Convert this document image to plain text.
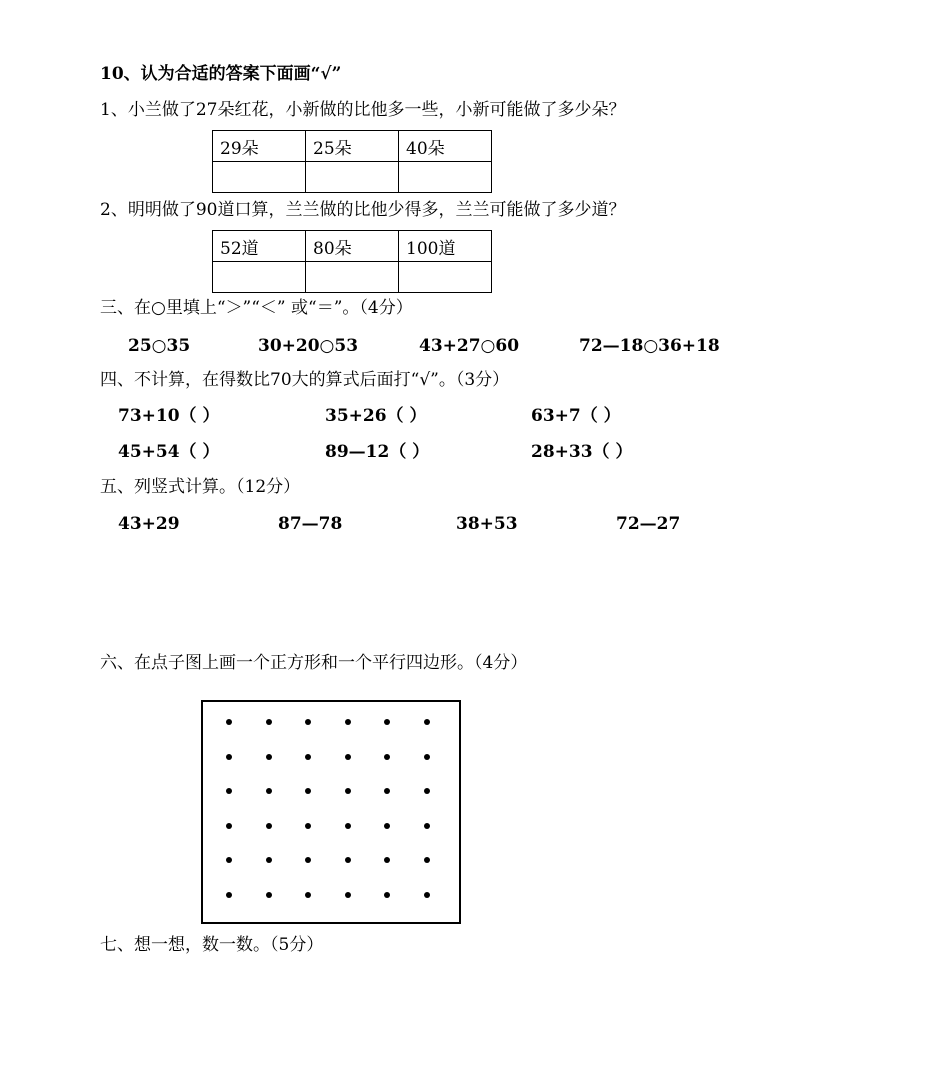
10、认为合适的答案下面画“√”
1、小兰做了27朵红花，小新做的比他多一些，小新可能做了多少朵？
29朵	25朵	40朵

2、明明做了90道口算，兰兰做的比他少得多，兰兰可能做了多少道？
52道	80朵	100道

三、在○里填上“＞”“＜” 或“＝”。（4分）
25○35	30+20○53	43+27○60	72—18○36+18
四、不计算，在得数比70大的算式后面打“√”。（3分）
73+10（ ）	35+26（ ）	63+7（ ）
45+54（ ）	89—12（ ）	28+33（ ）
五、列竖式计算。（12分）
43+29	87—78	38+53	72—27
六、在点子图上画一个正方形和一个平行四边形。（4分）
七、想一想，数一数。（5分）
